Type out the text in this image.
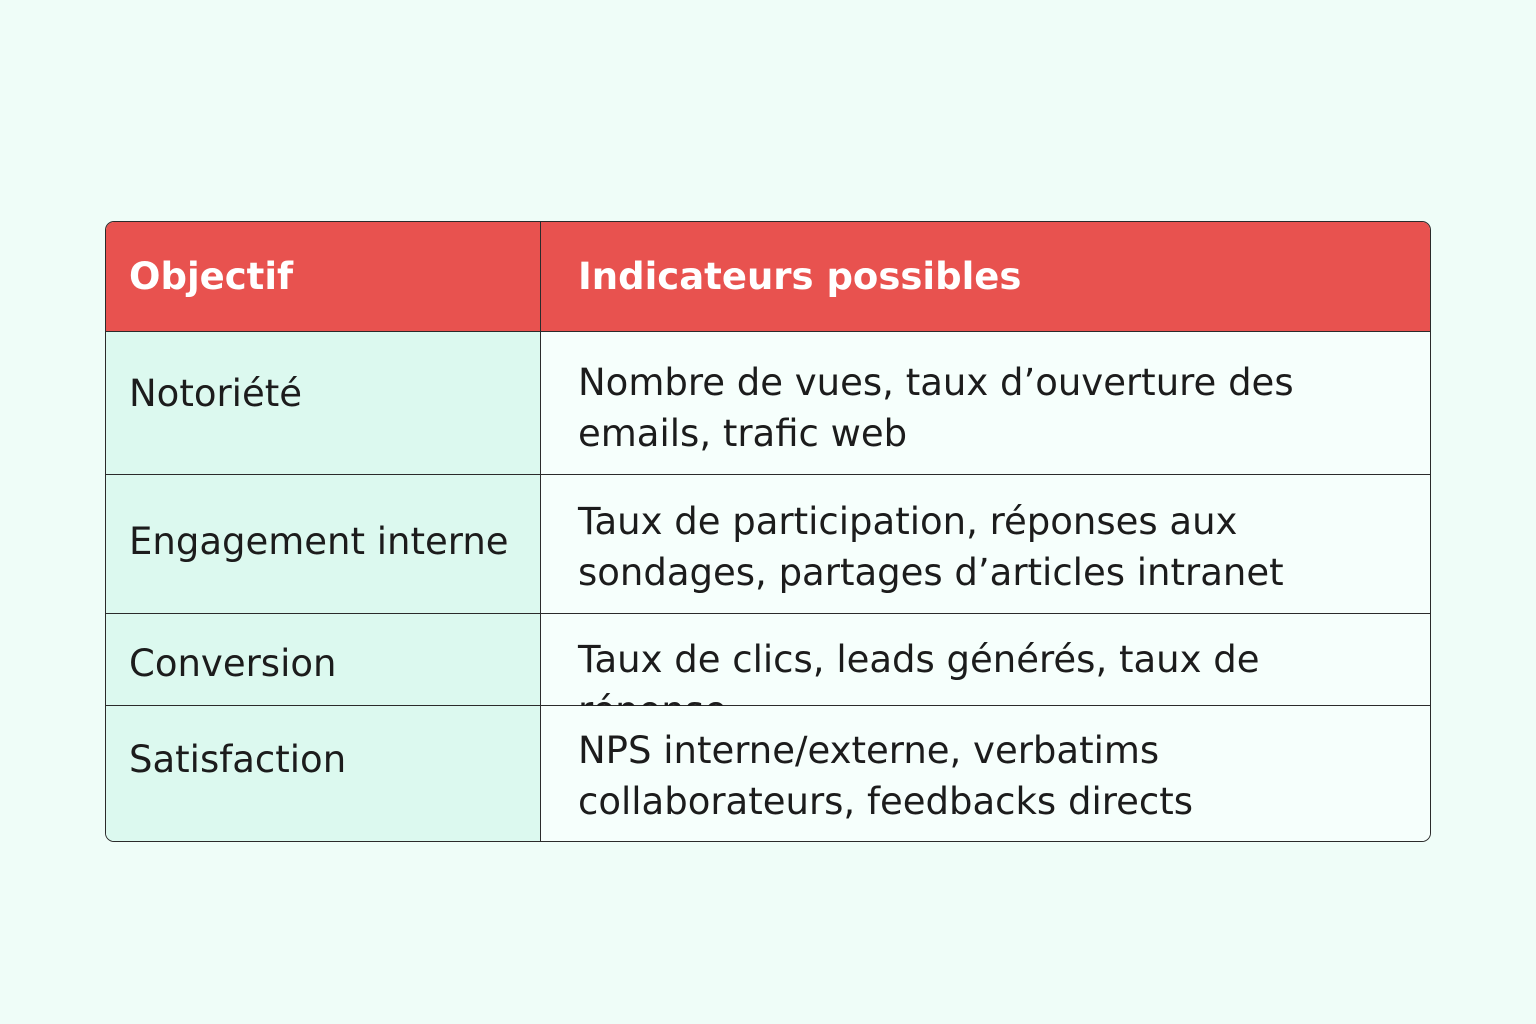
Objectif	Indicateurs possibles
Notoriété	Nombre de vues, taux d’ouverture des emails, trafic web
Engagement interne	Taux de participation, réponses aux sondages, partages d’articles intranet
Conversion	Taux de clics, leads générés, taux de
Satisfaction	NPS interne/externe, verbatims collaborateurs, feedbacks directs
